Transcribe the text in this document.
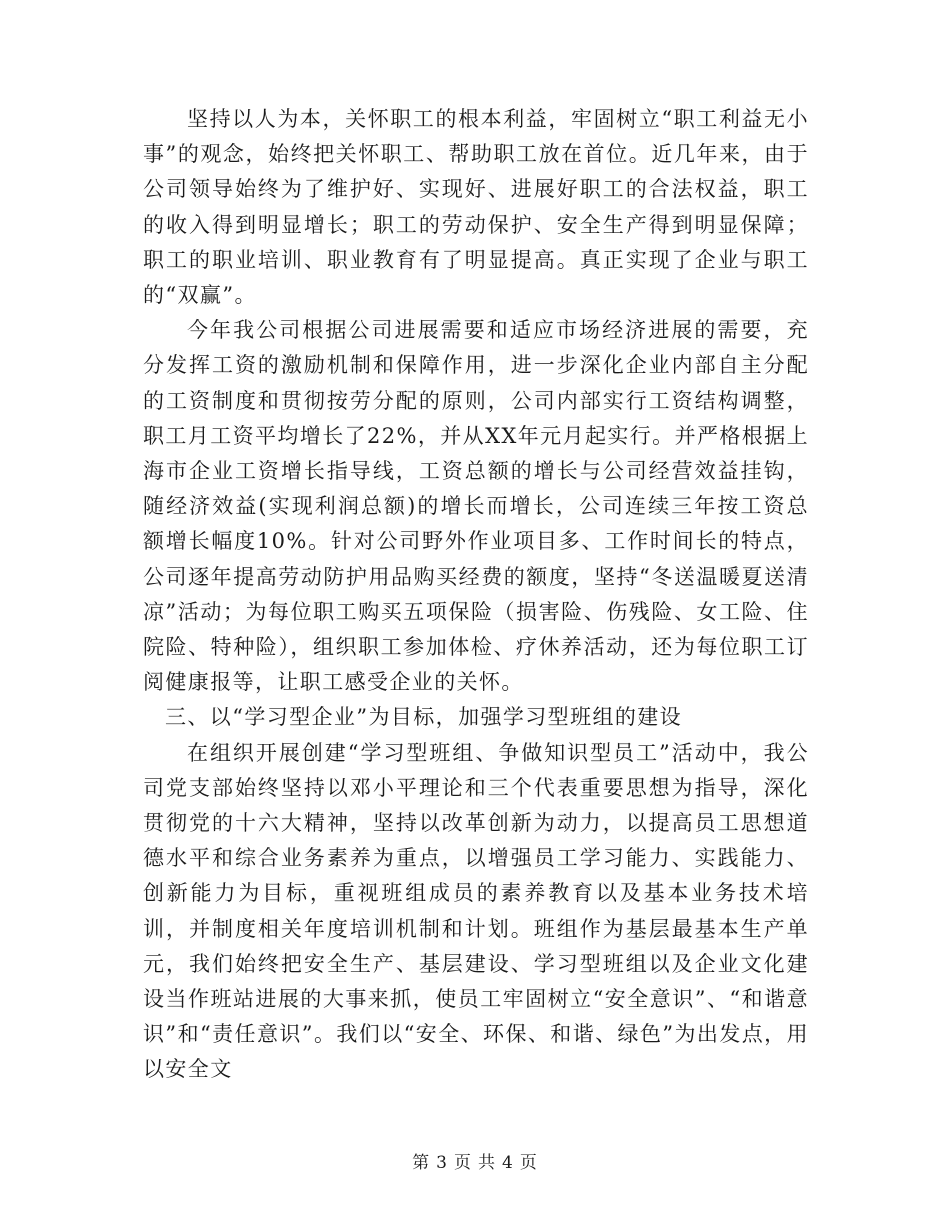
坚持以人为本，关怀职工的根本利益，牢固树立“职工利益无小事”的观念，始终把关怀职工、帮助职工放在首位。近几年来，由于公司领导始终为了维护好、实现好、进展好职工的合法权益，职工的收入得到明显增长；职工的劳动保护、安全生产得到明显保障；职工的职业培训、职业教育有了明显提高。真正实现了企业与职工的“双赢”。

今年我公司根据公司进展需要和适应市场经济进展的需要，充分发挥工资的激励机制和保障作用，进一步深化企业内部自主分配的工资制度和贯彻按劳分配的原则，公司内部实行工资结构调整，职工月工资平均增长了22%，并从XX年元月起实行。并严格根据上海市企业工资增长指导线，工资总额的增长与公司经营效益挂钩，随经济效益(实现利润总额)的增长而增长，公司连续三年按工资总额增长幅度10%。针对公司野外作业项目多、工作时间长的特点，公司逐年提高劳动防护用品购买经费的额度，坚持“冬送温暖夏送清凉”活动；为每位职工购买五项保险（损害险、伤残险、女工险、住院险、特种险），组织职工参加体检、疗休养活动，还为每位职工订阅健康报等，让职工感受企业的关怀。

三、以“学习型企业”为目标，加强学习型班组的建设

在组织开展创建“学习型班组、争做知识型员工”活动中，我公司党支部始终坚持以邓小平理论和三个代表重要思想为指导，深化贯彻党的十六大精神，坚持以改革创新为动力，以提高员工思想道德水平和综合业务素养为重点，以增强员工学习能力、实践能力、创新能力为目标，重视班组成员的素养教育以及基本业务技术培训，并制度相关年度培训机制和计划。班组作为基层最基本生产单元，我们始终把安全生产、基层建设、学习型班组以及企业文化建设当作班站进展的大事来抓，使员工牢固树立“安全意识”、“和谐意识”和“责任意识”。我们以“安全、环保、和谐、绿色”为出发点，用以安全文

第 3 页 共 4 页
